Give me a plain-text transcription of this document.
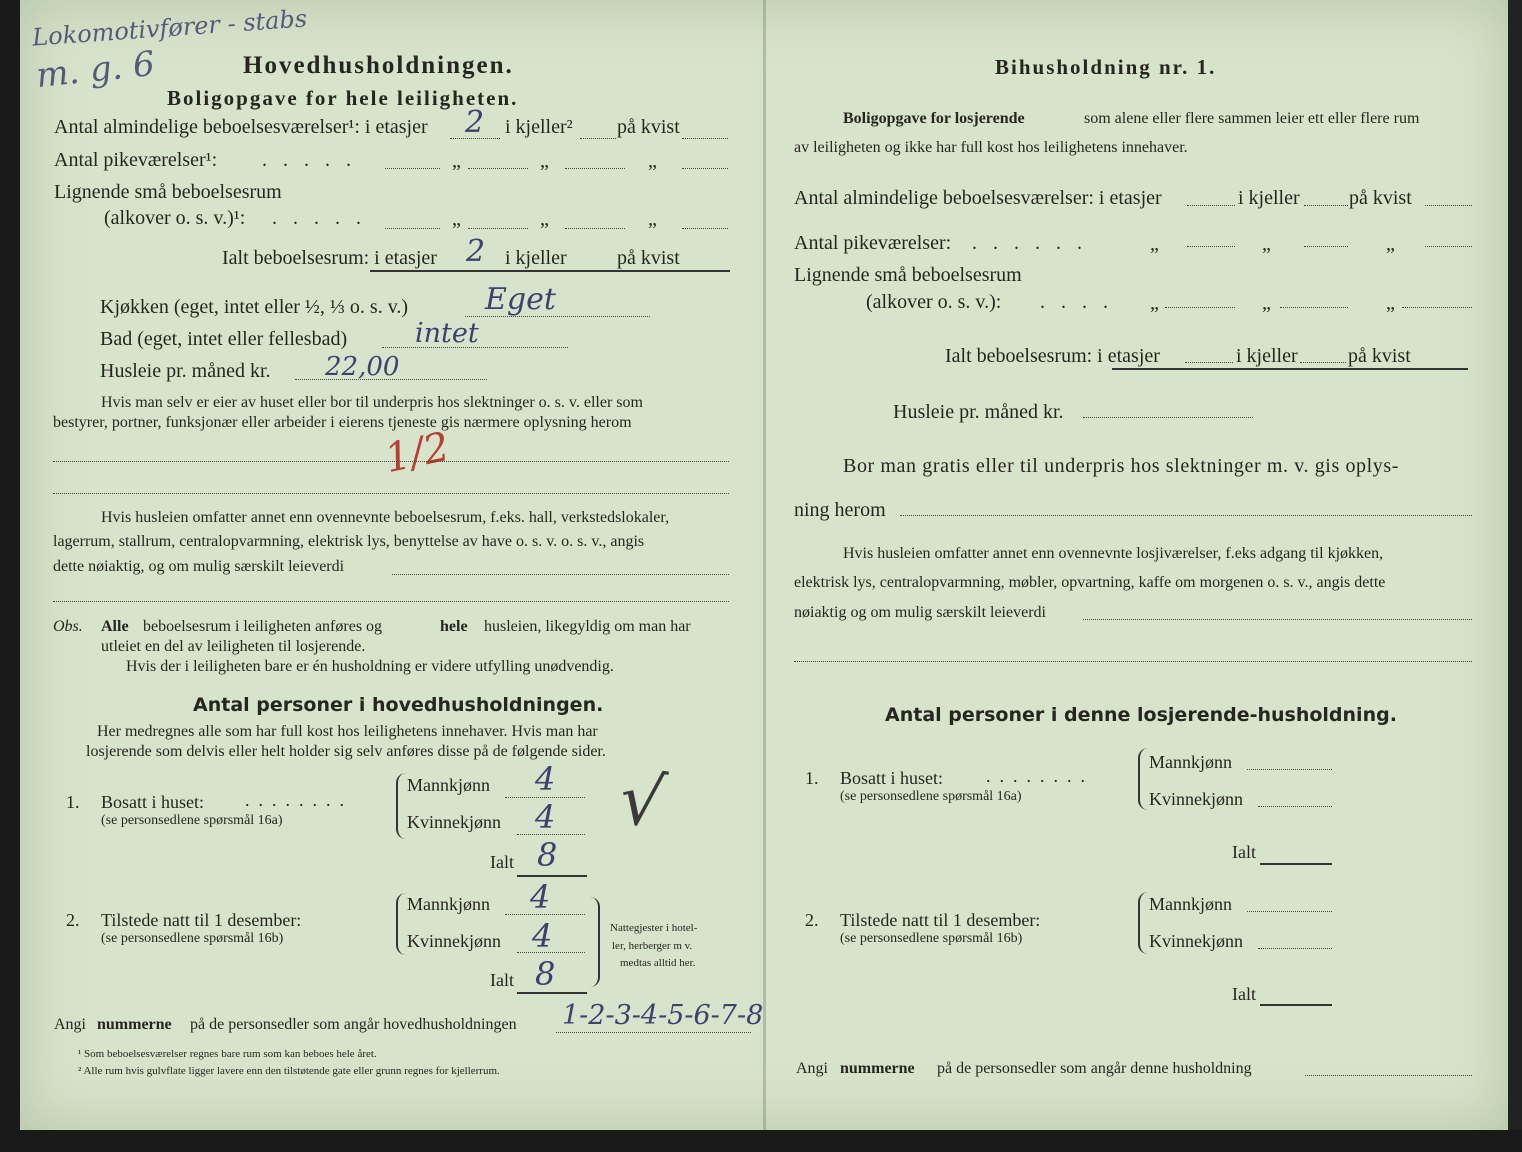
Lokomotivfører - stabs
m. g. 6	Hovedhusholdningen.
Boligopgave for hele leiligheten.
Antal almindelige beboelsesværelser¹: i etasjer 2 i kjeller² på kvist
Antal pikeværelser¹: .....	„	„	„
Lignende små beboelsesrum
(alkover o. s. v.)¹: .....	„	„	„
Ialt beboelsesrum: i etasjer 2 i kjeller	på kvist
Kjøkken (eget, intet eller ½, ⅓ o. s. v.)	Eget
Bad (eget, intet eller fellesbad)	intet
Husleie pr. måned kr. 22,00
Hvis man selv er eier av huset eller bor til underpris hos slektninger o. s. v. eller som
bestyrer, portner, funksjonær eller arbeider i eierens tjeneste gis nærmere oplysning herom
1/2
Hvis husleien omfatter annet enn ovennevnte beboelsesrum, f.eks. hall, verkstedslokaler,
lagerrum, stallrum, centralopvarmning, elektrisk lys, benyttelse av have o. s. v. o. s. v., angis
dette nøiaktig, og om mulig særskilt leieverdi
Obs. Alle beboelsesrum i leiligheten anføres og	hele husleien, likegyldig om man har
utleiet en del av leiligheten til losjerende.
Hvis der i leiligheten bare er én husholdning er videre utfylling unødvendig.
Antal personer i hovedhusholdningen.
Her medregnes alle som har full kost hos leilighetens innehaver. Hvis man har
losjerende som delvis eller helt holder sig selv anføres disse på de følgende sider.
1. Bosatt i huset: ........
(se personsedlene spørsmål 16a)
Mannkjønn 4
Kvinnekjønn 4
Ialt 8
√
2. Tilstede natt til 1 desember:
(se personsedlene spørsmål 16b)
Mannkjønn 4
Kvinnekjønn 4
Ialt 8
Nattegjester i hotel-
ler, herberger m v.
medtas alltid her.
Angi nummerne på de personsedler som angår hovedhusholdningen 1-2-3-4-5-6-7-8
¹ Som beboelsesværelser regnes bare rum som kan beboes hele året.
² Alle rum hvis gulvflate ligger lavere enn den tilstøtende gate eller grunn regnes for kjellerrum.
Bihusholdning nr. 1.
Boligopgave for losjerende	som alene eller flere sammen leier ett eller flere rum
av leiligheten og ikke har full kost hos leilighetens innehaver.
Antal almindelige beboelsesværelser: i etasjer	i kjeller på kvist
Antal pikeværelser: ......	„	„	„
Lignende små beboelsesrum
(alkover o. s. v.): .... „	„	„
Ialt beboelsesrum: i etasjer	i kjeller	på kvist
Husleie pr. måned kr.
Bor man gratis eller til underpris hos slektninger m. v. gis oplys-
ning herom
Hvis husleien omfatter annet enn ovennevnte losjiværelser, f.eks adgang til kjøkken,
elektrisk lys, centralopvarmning, møbler, opvartning, kaffe om morgenen o. s. v., angis dette
nøiaktig og om mulig særskilt leieverdi
Antal personer i denne losjerende-husholdning.
1. Bosatt i huset: ........
(se personsedlene spørsmål 16a)
Mannkjønn
Kvinnekjønn
Ialt
2. Tilstede natt til 1 desember:
(se personsedlene spørsmål 16b)
Mannkjønn
Kvinnekjønn
Ialt
Angi nummerne på de personsedler som angår denne husholdning
